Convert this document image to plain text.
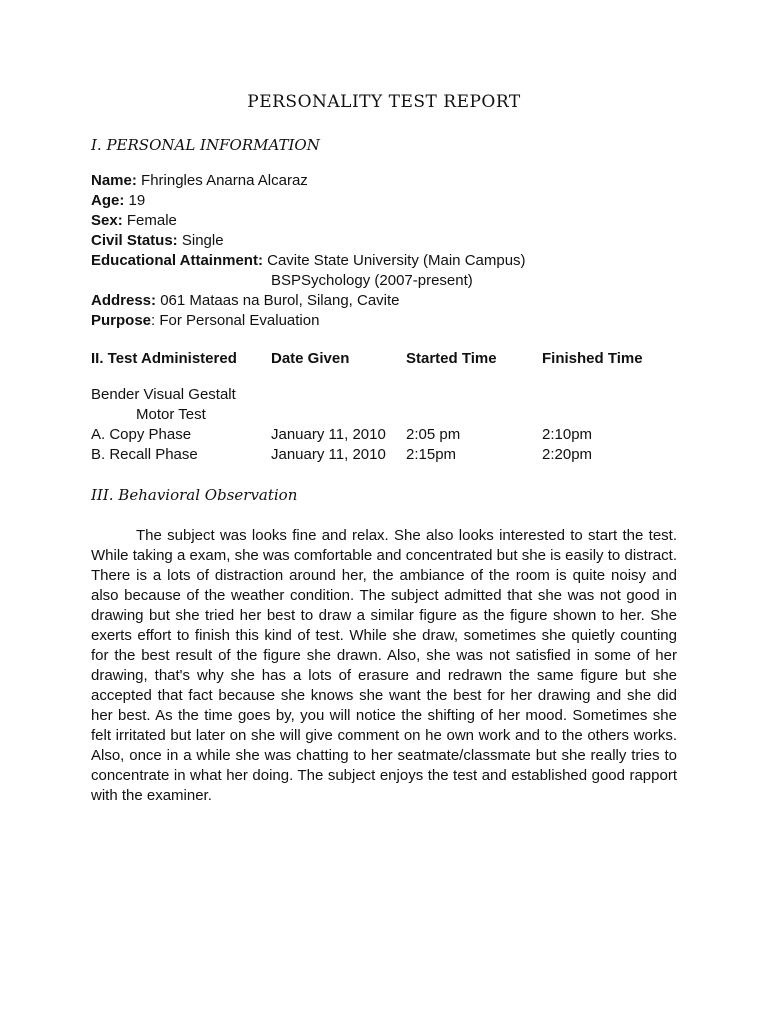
PERSONALITY TEST REPORT
I. PERSONAL INFORMATION
Name: Fhringles Anarna Alcaraz
Age: 19
Sex: Female
Civil Status: Single
Educational Attainment: Cavite State University (Main Campus)
BSPSychology (2007-present)
Address: 061 Mataas na Burol, Silang, Cavite
Purpose: For Personal Evaluation
II. Test Administered	Date Given	Started Time	Finished Time
Bender Visual Gestalt
Motor Test
A. Copy Phase	January 11, 2010	2:05 pm	2:10pm
B. Recall Phase	January 11, 2010	2:15pm	2:20pm
III. Behavioral Observation

The subject was looks fine and relax. She also looks interested to start the test. While taking a exam, she was comfortable and concentrated but she is easily to distract. There is a lots of distraction around her, the ambiance of the room is quite noisy and also because of the weather condition. The subject admitted that she was not good in drawing but she tried her best to draw a similar figure as the figure shown to her. She exerts effort to finish this kind of test. While she draw, sometimes she quietly counting for the best result of the figure she drawn. Also, she was not satisfied in some of her drawing, that's why she has a lots of erasure and redrawn the same figure but she accepted that fact because she knows she want the best for her drawing and she did her best. As the time goes by, you will notice the shifting of her mood. Sometimes she felt irritated but later on she will give comment on he own work and to the others works. Also, once in a while she was chatting to her seatmate/classmate but she really tries to concentrate in what her doing. The subject enjoys the test and established good rapport with the examiner.
